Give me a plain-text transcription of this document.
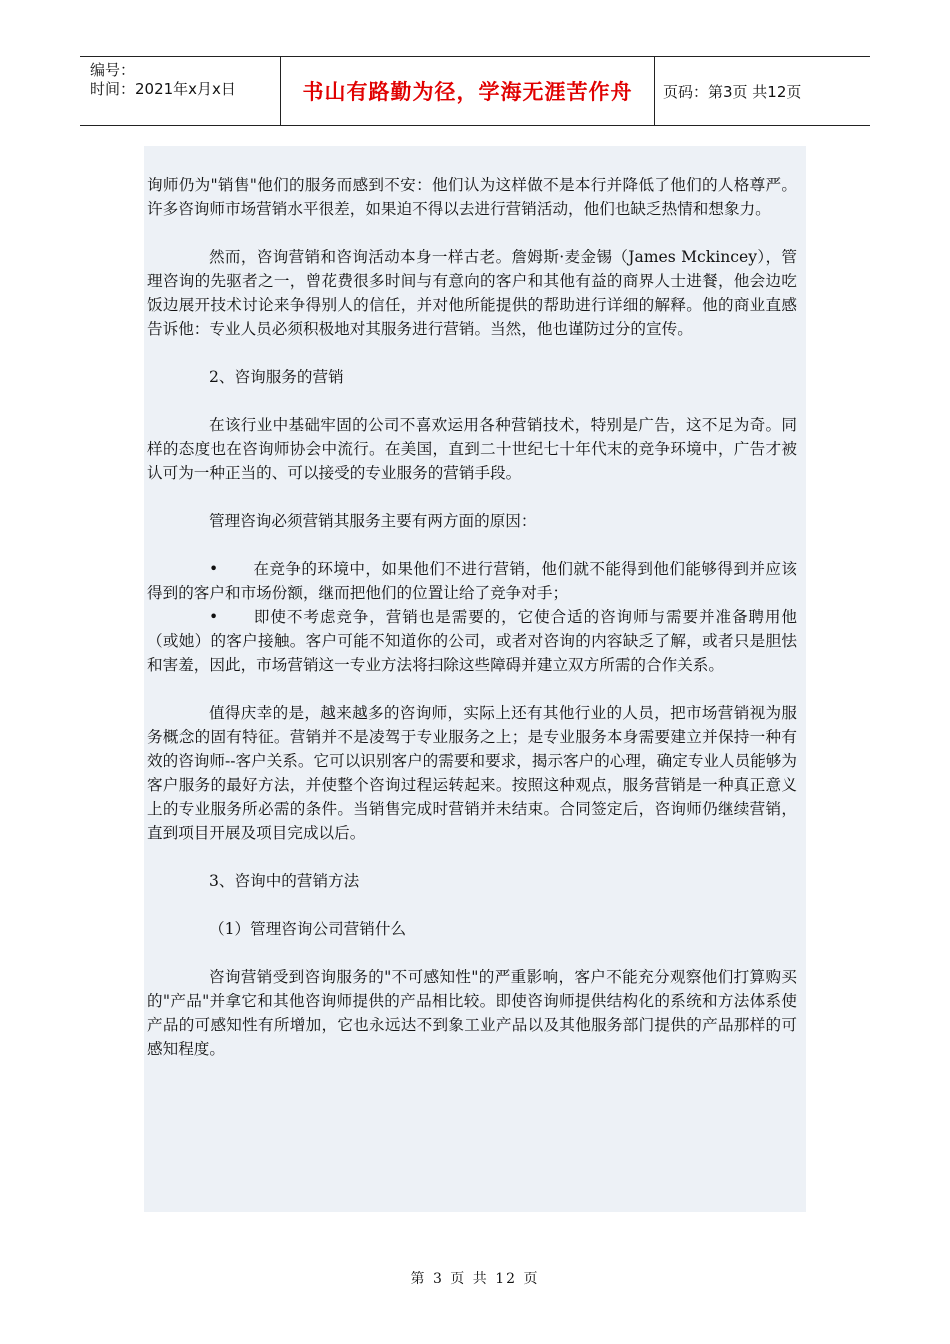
编号：
时间：2021年x月x日	书山有路勤为径，学海无涯苦作舟 页码：第3页 共12页

询师仍为"销售"他们的服务而感到不安：他们认为这样做不是本行并降低了他们的人格尊严。许多咨询师市场营销水平很差，如果迫不得以去进行营销活动，他们也缺乏热情和想象力。

然而，咨询营销和咨询活动本身一样古老。詹姆斯·麦金锡（James Mckincey），管理咨询的先驱者之一，曾花费很多时间与有意向的客户和其他有益的商界人士进餐，他会边吃饭边展开技术讨论来争得别人的信任，并对他所能提供的帮助进行详细的解释。他的商业直感告诉他：专业人员必须积极地对其服务进行营销。当然，他也谨防过分的宣传。

2、咨询服务的营销

在该行业中基础牢固的公司不喜欢运用各种营销技术，特别是广告，这不足为奇。同样的态度也在咨询师协会中流行。在美国，直到二十世纪七十年代末的竞争环境中，广告才被认可为一种正当的、可以接受的专业服务的营销手段。

管理咨询必须营销其服务主要有两方面的原因：

• 在竞争的环境中，如果他们不进行营销，他们就不能得到他们能够得到并应该得到的客户和市场份额，继而把他们的位置让给了竞争对手；
• 即使不考虑竞争，营销也是需要的，它使合适的咨询师与需要并准备聘用他（或她）的客户接触。客户可能不知道你的公司，或者对咨询的内容缺乏了解，或者只是胆怯和害羞，因此，市场营销这一专业方法将扫除这些障碍并建立双方所需的合作关系。

值得庆幸的是，越来越多的咨询师，实际上还有其他行业的人员，把市场营销视为服务概念的固有特征。营销并不是凌驾于专业服务之上；是专业服务本身需要建立并保持一种有效的咨询师--客户关系。它可以识别客户的需要和要求，揭示客户的心理，确定专业人员能够为客户服务的最好方法，并使整个咨询过程运转起来。按照这种观点，服务营销是一种真正意义上的专业服务所必需的条件。当销售完成时营销并未结束。合同签定后，咨询师仍继续营销，直到项目开展及项目完成以后。

3、咨询中的营销方法

（1）管理咨询公司营销什么

咨询营销受到咨询服务的"不可感知性"的严重影响，客户不能充分观察他们打算购买的"产品"并拿它和其他咨询师提供的产品相比较。即使咨询师提供结构化的系统和方法体系使产品的可感知性有所增加，它也永远达不到象工业产品以及其他服务部门提供的产品那样的可感知程度。

第 3 页 共 12 页
